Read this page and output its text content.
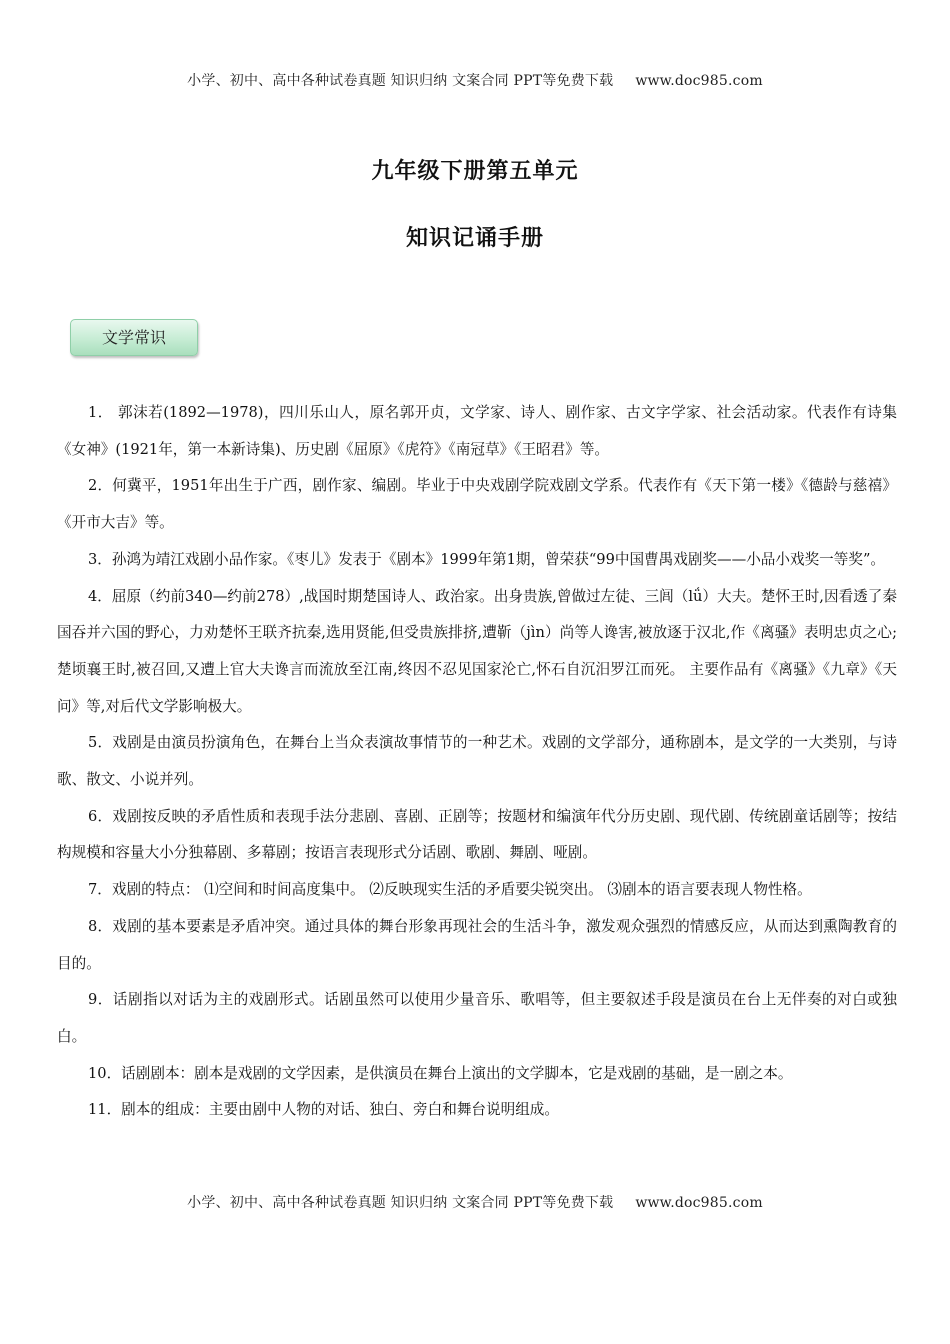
小学、初中、高中各种试卷真题 知识归纳 文案合同 PPT等免费下载 www.doc985.com
九年级下册第五单元
知识记诵手册
文学常识

1． 郭沫若(1892—1978)，四川乐山人，原名郭开贞，文学家、诗人、剧作家、古文字学家、社会活动家。代表作有诗集《女神》(1921年，第一本新诗集)、历史剧《屈原》《虎符》《南冠草》《王昭君》等。

2．何冀平，1951年出生于广西，剧作家、编剧。毕业于中央戏剧学院戏剧文学系。代表作有《天下第一楼》《德龄与慈禧》《开市大吉》等。

3．孙鸿为靖江戏剧小品作家。《枣儿》发表于《剧本》1999年第1期，曾荣获“99中国曹禺戏剧奖——小品小戏奖一等奖”。

4．屈原（约前340—约前278）,战国时期楚国诗人、政治家。出身贵族,曾做过左徒、三闾（lǘ）大夫。楚怀王时,因看透了秦国吞并六国的野心，力劝楚怀王联齐抗秦,选用贤能,但受贵族排挤,遭靳（jìn）尚等人谗害,被放逐于汉北,作《离骚》表明忠贞之心;楚顷襄王时,被召回,又遭上官大夫谗言而流放至江南,终因不忍见国家沦亡,怀石自沉汨罗江而死。 主要作品有《离骚》《九章》《天问》等,对后代文学影响极大。

5．戏剧是由演员扮演角色，在舞台上当众表演故事情节的一种艺术。戏剧的文学部分，通称剧本，是文学的一大类别，与诗歌、散文、小说并列。

6．戏剧按反映的矛盾性质和表现手法分悲剧、喜剧、正剧等；按题材和编演年代分历史剧、现代剧、传统剧童话剧等；按结构规模和容量大小分独幕剧、多幕剧；按语言表现形式分话剧、歌剧、舞剧、哑剧。

7．戏剧的特点： ⑴空间和时间高度集中。 ⑵反映现实生活的矛盾要尖锐突出。 ⑶剧本的语言要表现人物性格。

8．戏剧的基本要素是矛盾冲突。通过具体的舞台形象再现社会的生活斗争，激发观众强烈的情感反应，从而达到熏陶教育的目的。

9．话剧指以对话为主的戏剧形式。话剧虽然可以使用少量音乐、歌唱等，但主要叙述手段是演员在台上无伴奏的对白或独白。

10．话剧剧本：剧本是戏剧的文学因素，是供演员在舞台上演出的文学脚本，它是戏剧的基础，是一剧之本。

11．剧本的组成：主要由剧中人物的对话、独白、旁白和舞台说明组成。

小学、初中、高中各种试卷真题 知识归纳 文案合同 PPT等免费下载 www.doc985.com
